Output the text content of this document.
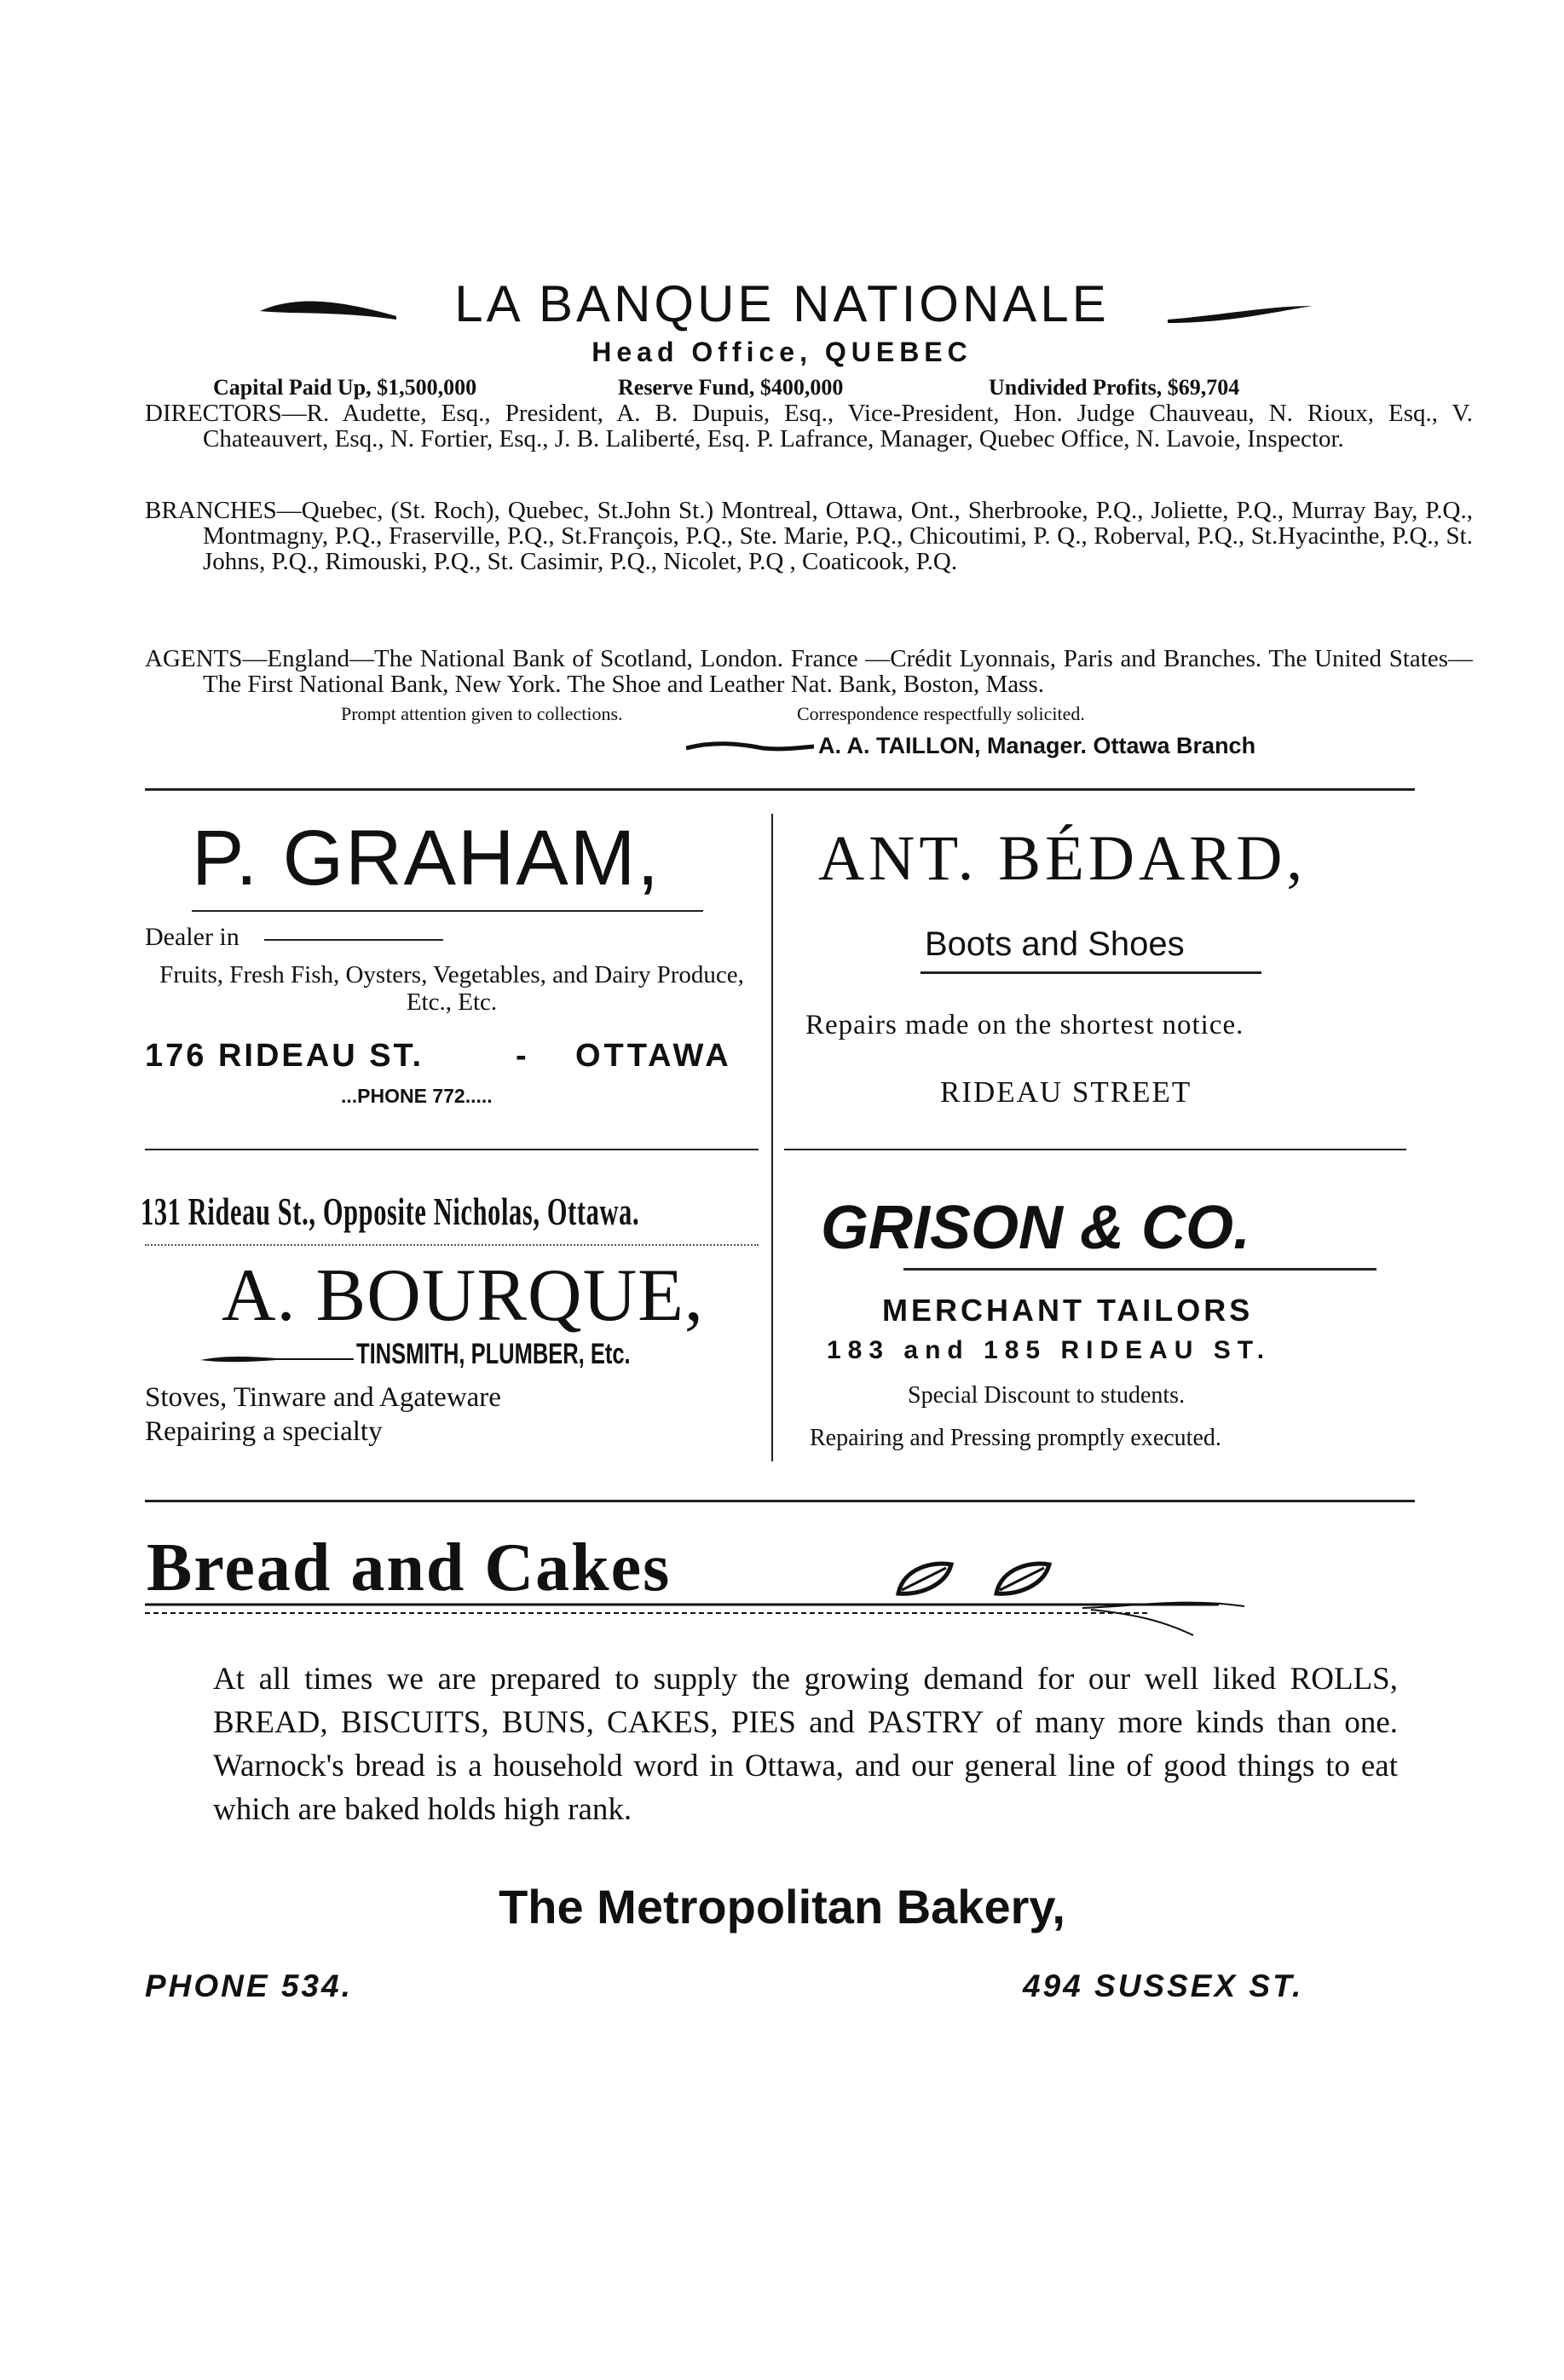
LA BANQUE NATIONALE
Head Office, QUEBEC
Capital Paid Up, $1,500,000	Reserve Fund, $400,000	Undivided Profits, $69,704
DIRECTORS—R. Audette, Esq., President, A. B. Dupuis, Esq., Vice-President, Hon. Judge Chauveau, N. Rioux, Esq., V. Chateauvert, Esq., N. Fortier, Esq., J. B. Laliberté, Esq. P. Lafrance, Manager, Quebec Office, N. Lavoie, Inspector.
BRANCHES—Quebec, (St. Roch), Quebec, St.John St.) Montreal, Ottawa, Ont., Sherbrooke, P.Q., Joliette, P.Q., Murray Bay, P.Q., Montmagny, P.Q., Fraserville, P.Q., St.François, P.Q., Ste. Marie, P.Q., Chicoutimi, P. Q., Roberval, P.Q., St.Hyacinthe, P.Q., St. Johns, P.Q., Rimouski, P.Q., St. Casimir, P.Q., Nicolet, P.Q , Coaticook, P.Q.
AGENTS—England—The National Bank of Scotland, London. France —Crédit Lyonnais, Paris and Branches. The United States—The First National Bank, New York. The Shoe and Leather Nat. Bank, Boston, Mass.
Prompt attention given to collections.	Correspondence respectfully solicited.
A. A. TAILLON, Manager. Ottawa Branch
P. GRAHAM,
Dealer in
Fruits, Fresh Fish, Oysters, Vegetables, and Dairy Produce, Etc., Etc.
176 RIDEAU ST.	- OTTAWA
...PHONE 772.....
ANT. BÉDARD,
Boots and Shoes
Repairs made on the shortest notice.
RIDEAU STREET
131 Rideau St., Opposite Nicholas, Ottawa.
A. BOURQUE,
TINSMITH, PLUMBER, Etc.
Stoves, Tinware and Agateware
Repairing a specialty
GRISON & CO.
MERCHANT TAILORS
183 and 185 RIDEAU ST.
Special Discount to students.
Repairing and Pressing promptly executed.
Bread and Cakes
At all times we are prepared to supply the growing demand for our well liked ROLLS, BREAD, BISCUITS, BUNS, CAKES, PIES and PASTRY of many more kinds than one. Warnock's bread is a household word in Ottawa, and our general line of good things to eat which are baked holds high rank.
The Metropolitan Bakery,
PHONE 534.	494 SUSSEX ST.
